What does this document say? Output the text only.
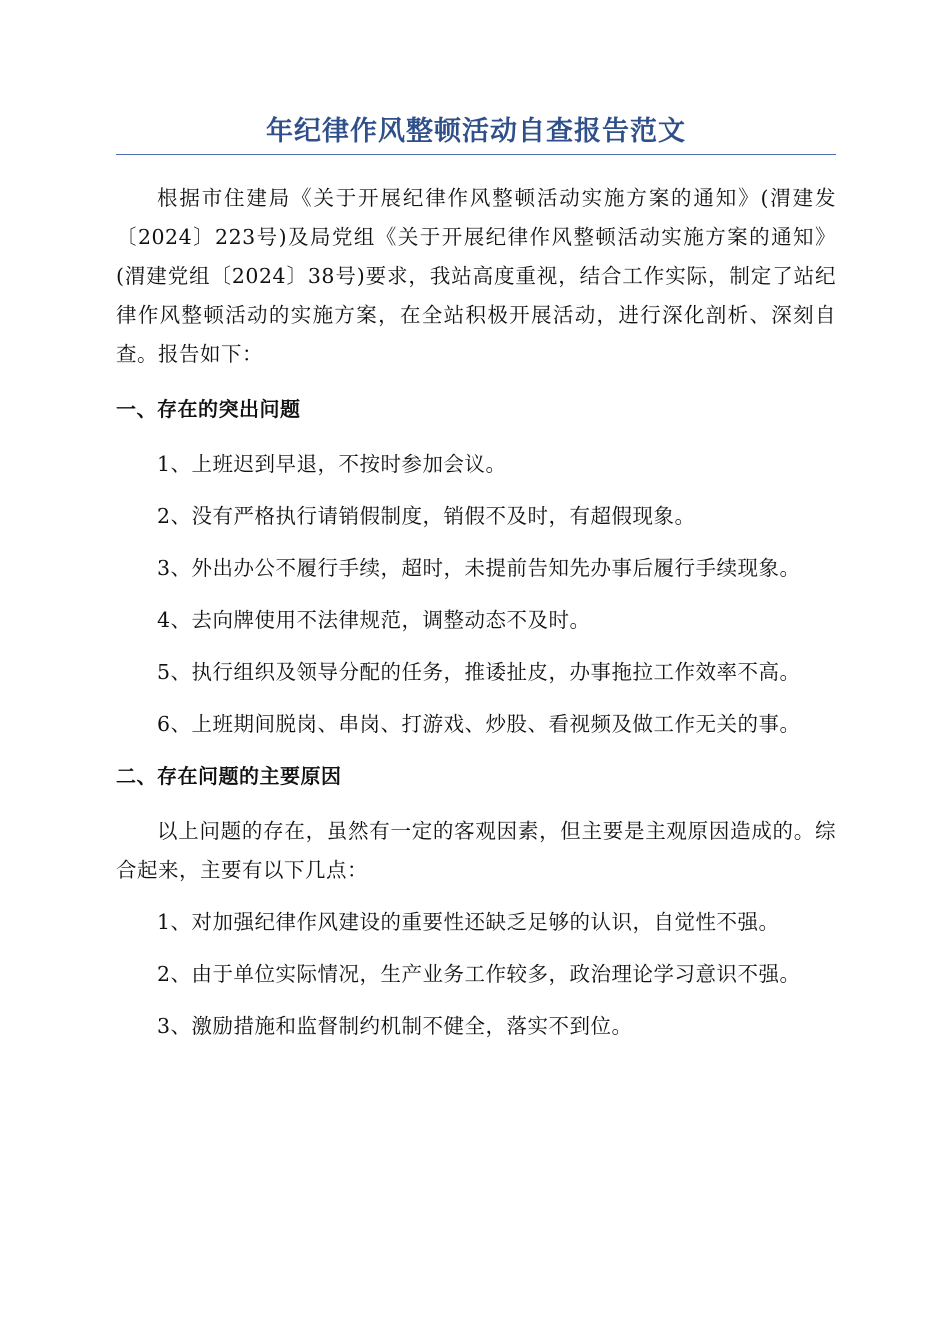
年纪律作风整顿活动自查报告范文

根据市住建局《关于开展纪律作风整顿活动实施方案的通知》(渭建发〔2024〕223号)及局党组《关于开展纪律作风整顿活动实施方案的通知》(渭建党组〔2024〕38号)要求，我站高度重视，结合工作实际，制定了站纪律作风整顿活动的实施方案，在全站积极开展活动，进行深化剖析、深刻自查。报告如下：

一、存在的突出问题

1、上班迟到早退，不按时参加会议。

2、没有严格执行请销假制度，销假不及时，有超假现象。

3、外出办公不履行手续，超时，未提前告知先办事后履行手续现象。

4、去向牌使用不法律规范，调整动态不及时。

5、执行组织及领导分配的任务，推诿扯皮，办事拖拉工作效率不高。

6、上班期间脱岗、串岗、打游戏、炒股、看视频及做工作无关的事。

二、存在问题的主要原因

以上问题的存在，虽然有一定的客观因素，但主要是主观原因造成的。综合起来，主要有以下几点：

1、对加强纪律作风建设的重要性还缺乏足够的认识，自觉性不强。

2、由于单位实际情况，生产业务工作较多，政治理论学习意识不强。

3、激励措施和监督制约机制不健全，落实不到位。
